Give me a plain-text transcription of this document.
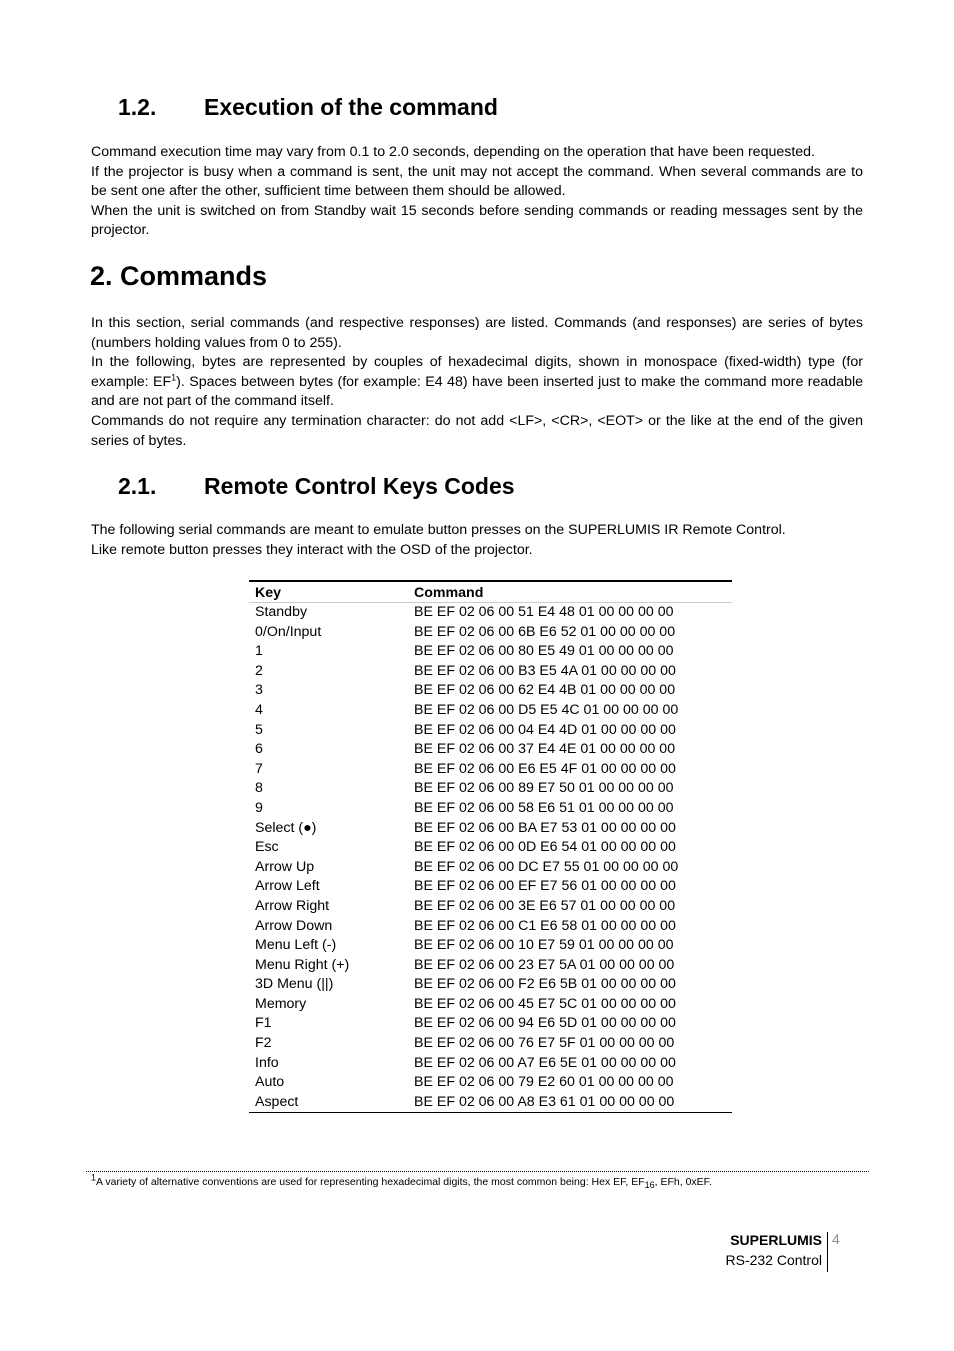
1.2. Execution of the command

Command execution time may vary from 0.1 to 2.0 seconds, depending on the operation that have been requested.

If the projector is busy when a command is sent, the unit may not accept the command. When several commands are to be sent one after the other, sufficient time between them should be allowed.

When the unit is switched on from Standby wait 15 seconds before sending commands or reading messages sent by the projector.

2. Commands

In this section, serial commands (and respective responses) are listed. Commands (and responses) are series of bytes (numbers holding values from 0 to 255).

In the following, bytes are represented by couples of hexadecimal digits, shown in monospace (fixed-width) type (for example: $EF^1$). Spaces between bytes (for example: E4 48) have been inserted just to make the command more readable and are not part of the command itself.

Commands do not require any termination character: do not add <LF>, <CR>, <EOT> or the like at the end of the given series of bytes.

2.1. Remote Control Keys Codes

The following serial commands are meant to emulate button presses on the SUPERLUMIS IR Remote Control.

Like remote button presses they interact with the OSD of the projector.

Key	Command
Standby	BE EF 02 06 00 51 E4 48 01 00 00 00 00
0/On/Input	BE EF 02 06 00 6B E6 52 01 00 00 00 00
1	BE EF 02 06 00 80 E5 49 01 00 00 00 00
2	BE EF 02 06 00 B3 E5 4A 01 00 00 00 00
3	BE EF 02 06 00 62 E4 4B 01 00 00 00 00
4	BE EF 02 06 00 D5 E5 4C 01 00 00 00 00
5	BE EF 02 06 00 04 E4 4D 01 00 00 00 00
6	BE EF 02 06 00 37 E4 4E 01 00 00 00 00
7	BE EF 02 06 00 E6 E5 4F 01 00 00 00 00
8	BE EF 02 06 00 89 E7 50 01 00 00 00 00
9	BE EF 02 06 00 58 E6 51 01 00 00 00 00
Select (●)	BE EF 02 06 00 BA E7 53 01 00 00 00 00
Esc	BE EF 02 06 00 0D E6 54 01 00 00 00 00
Arrow Up	BE EF 02 06 00 DC E7 55 01 00 00 00 00
Arrow Left	BE EF 02 06 00 EF E7 56 01 00 00 00 00
Arrow Right	BE EF 02 06 00 3E E6 57 01 00 00 00 00
Arrow Down	BE EF 02 06 00 C1 E6 58 01 00 00 00 00
Menu Left (-)	BE EF 02 06 00 10 E7 59 01 00 00 00 00
Menu Right (+)	BE EF 02 06 00 23 E7 5A 01 00 00 00 00
3D Menu (||)	BE EF 02 06 00 F2 E6 5B 01 00 00 00 00
Memory	BE EF 02 06 00 45 E7 5C 01 00 00 00 00
F1	BE EF 02 06 00 94 E6 5D 01 00 00 00 00
F2	BE EF 02 06 00 76 E7 5F 01 00 00 00 00
Info	BE EF 02 06 00 A7 E6 5E 01 00 00 00 00
Auto	BE EF 02 06 00 79 E2 60 01 00 00 00 00
Aspect	BE EF 02 06 00 A8 E3 61 01 00 00 00 00
$^1$A variety of alternative conventions are used for representing hexadecimal digits, the most common being: Hex EF, $EF_{16}$, EFh, 0xEF.
SUPERLUMIS
RS-232 Control
4
